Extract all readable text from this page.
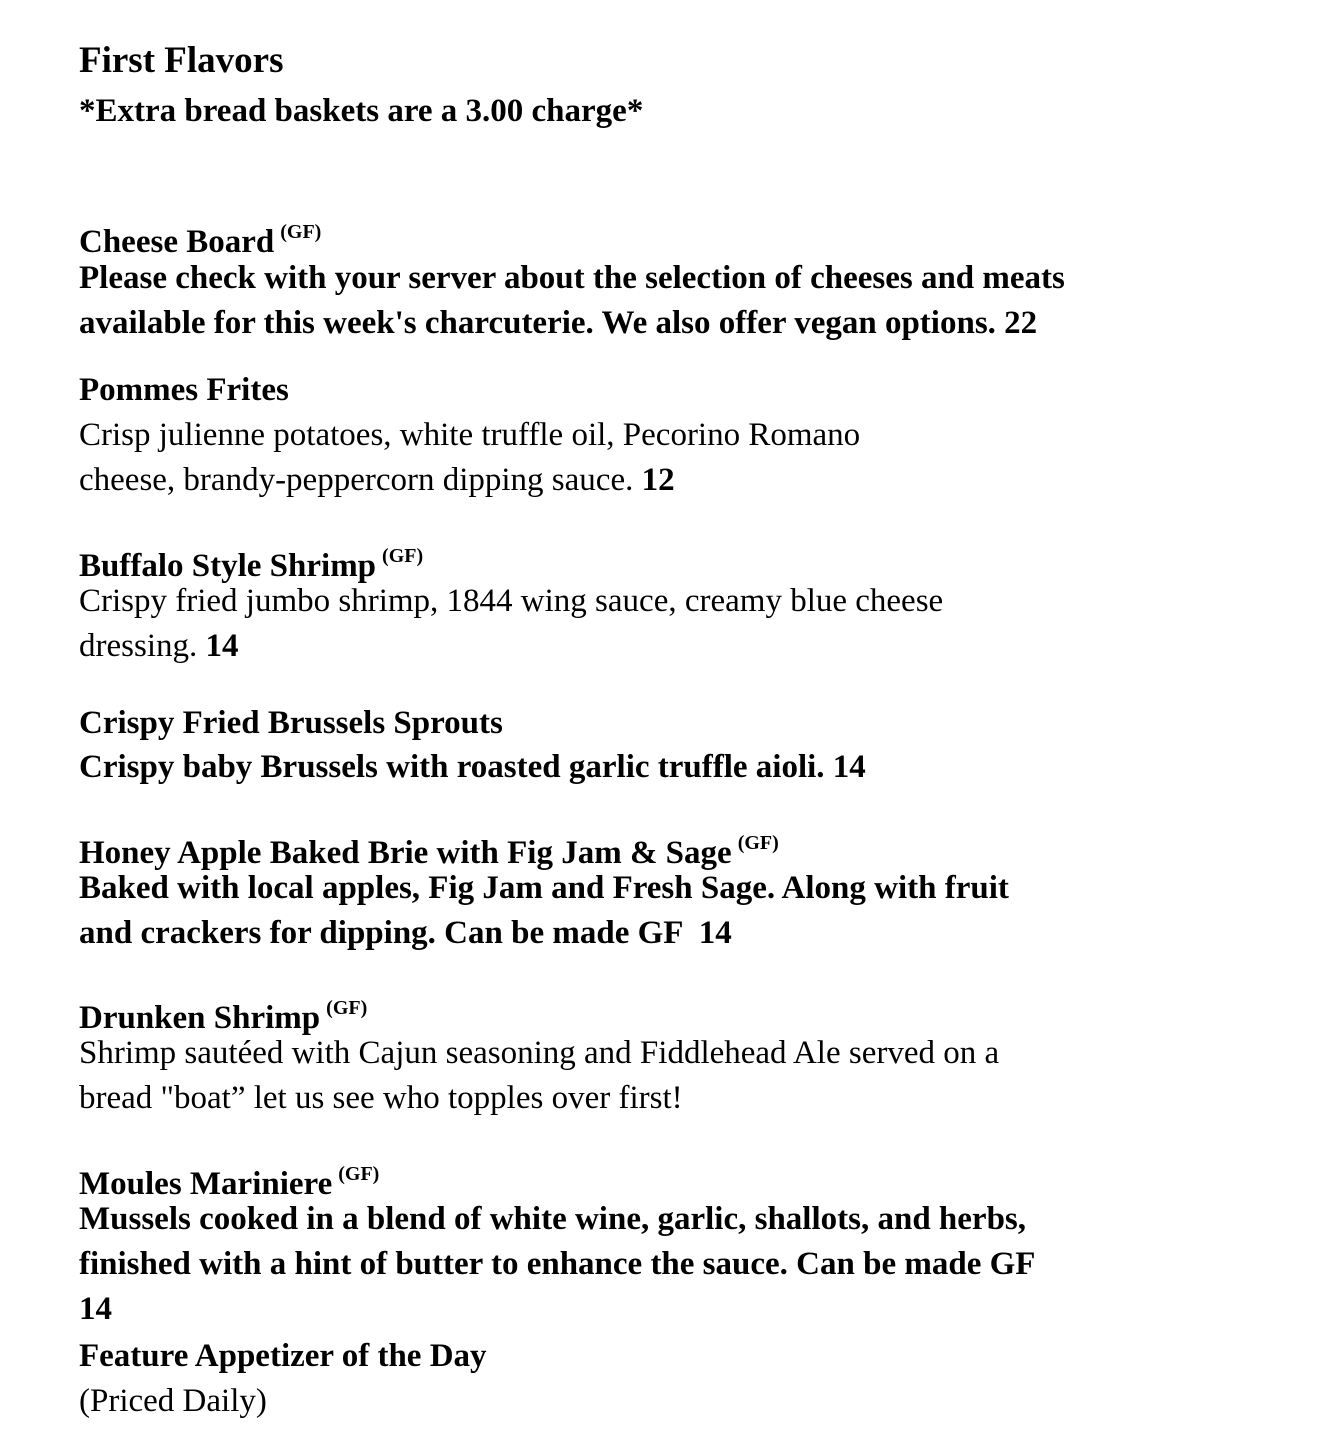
First Flavors
*Extra bread baskets are a 3.00 charge*
Cheese Board $^{(GF)}$
Please check with your server about the selection of cheeses and meats
available for this week's charcuterie. We also offer vegan options. 22
Pommes Frites
Crisp julienne potatoes, white truffle oil, Pecorino Romano
cheese, brandy-peppercorn dipping sauce. 12
Buffalo Style Shrimp $^{(GF)}$
Crispy fried jumbo shrimp, 1844 wing sauce, creamy blue cheese
dressing. 14
Crispy Fried Brussels Sprouts
Crispy baby Brussels with roasted garlic truffle aioli. 14
Honey Apple Baked Brie with Fig Jam & Sage $^{(GF)}$
Baked with local apples, Fig Jam and Fresh Sage. Along with fruit
and crackers for dipping. Can be made GF  14
Drunken Shrimp $^{(GF)}$
Shrimp sautéed with Cajun seasoning and Fiddlehead Ale served on a
bread "boat” let us see who topples over first!
Moules Mariniere $^{(GF)}$
Mussels cooked in a blend of white wine, garlic, shallots, and herbs,
finished with a hint of butter to enhance the sauce. Can be made GF
14
Feature Appetizer of the Day
(Priced Daily)
